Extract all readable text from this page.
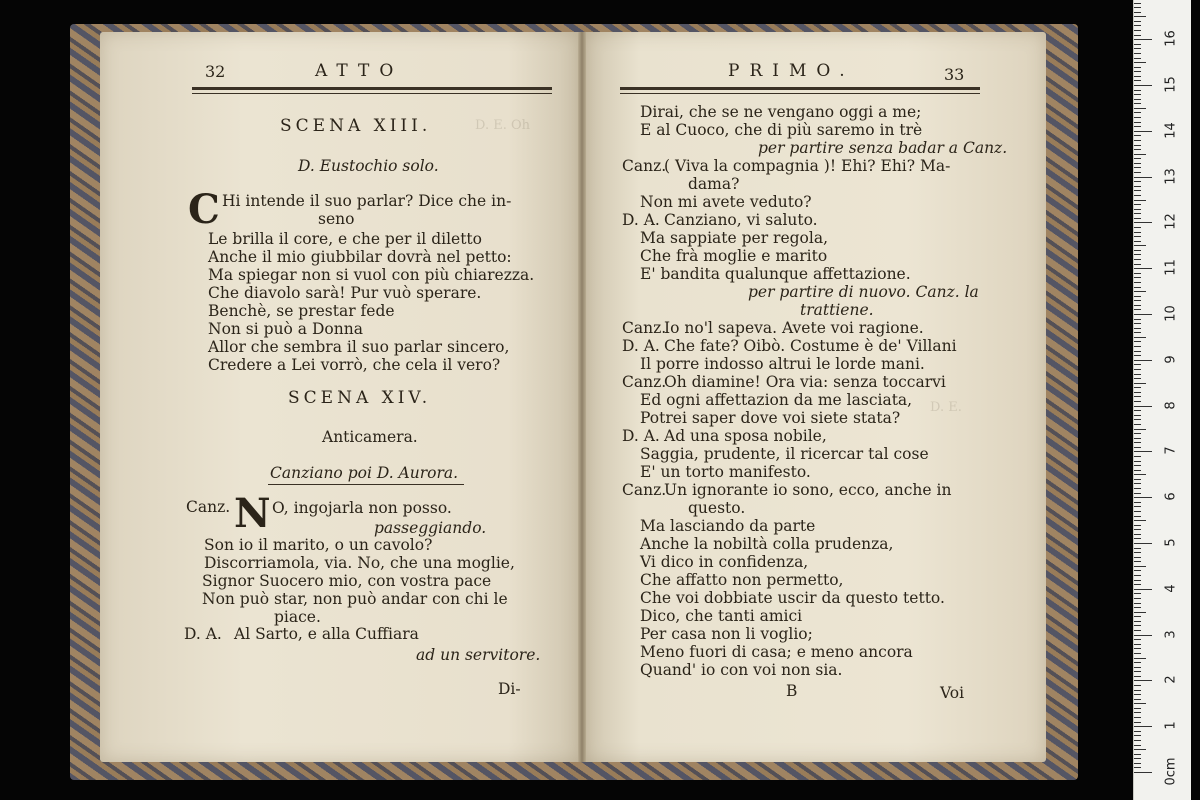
D. E. Oh
D. E.
32	ATTO
SCENA XIII.
D. Eustochio solo.
C Hi intende il suo parlar? Dice che in-
seno
Le brilla il core, e che per il diletto
Anche il mio giubbilar dovrà nel petto:
Ma spiegar non si vuol con più chiarezza.
Che diavolo sarà! Pur vuò sperare.
Benchè, se prestar fede
Non si può a Donna
Allor che sembra il suo parlar sincero,
Credere a Lei vorrò, che cela il vero?
SCENA XIV.
Anticamera.
Canziano poi D. Aurora.
Canz. N O, ingojarla non posso.
passeggiando.
Son io il marito, o un cavolo?
Discorriamola, via. No, che una moglie,
Signor Suocero mio, con vostra pace
Non può star, non può andar con chi le
piace.
D. A. Al Sarto, e alla Cuffiara
ad un servitore.
Di-
PRIMO.	33
Dirai, che se ne vengano oggi a me;
E al Cuoco, che di più saremo in trè
per partire senza badar a Canz.
Canz.
( Viva la compagnia )! Ehi? Ehi? Ma-
dama?
Non mi avete veduto?
D. A. Canziano, vi saluto.
Ma sappiate per regola,
Che frà moglie e marito
E' bandita qualunque affettazione.
per partire di nuovo. Canz. la
trattiene.
Canz.
Io no'l sapeva. Avete voi ragione.
D. A. Che fate? Oibò. Costume è de' Villani
Il porre indosso altrui le lorde mani.
Canz.
Oh diamine! Ora via: senza toccarvi
Ed ogni affettazion da me lasciata,
Potrei saper dove voi siete stata?
D. A. Ad una sposa nobile,
Saggia, prudente, il ricercar tal cose
E' un torto manifesto.
Canz.
Un ignorante io sono, ecco, anche in
questo.
Ma lasciando da parte
Anche la nobiltà colla prudenza,
Vi dico in confidenza,
Che affatto non permetto,
Che voi dobbiate uscir da questo tetto.
Dico, che tanti amici
Per casa non li voglio;
Meno fuori di casa; e meno ancora
Quand' io con voi non sia.
B	Voi
0cm
1
2
3
4
5
6
7
8
9
10
11
12
13
14
15
16
